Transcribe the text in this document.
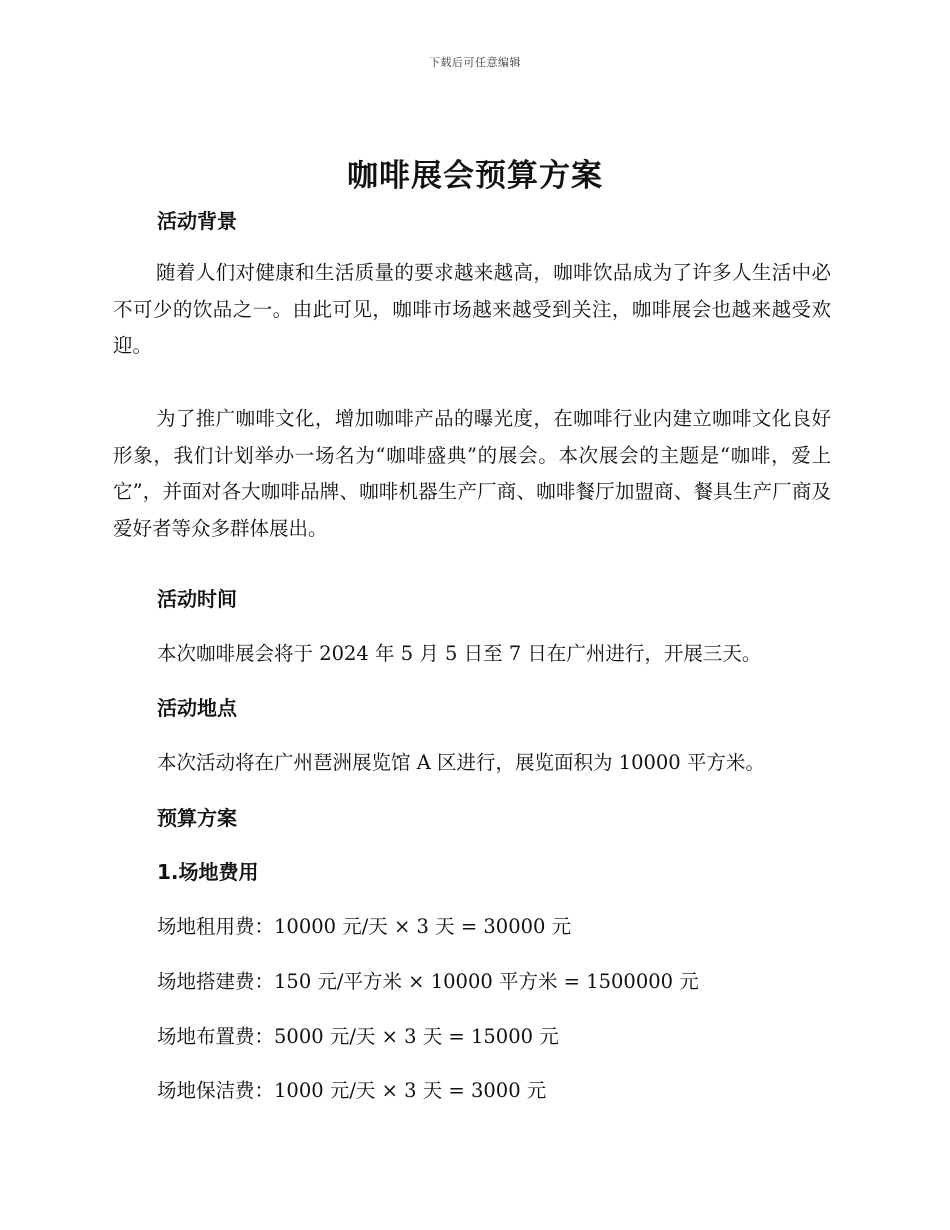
下载后可任意编辑
咖啡展会预算方案
活动背景
随着人们对健康和生活质量的要求越来越高，咖啡饮品成为了许多人生活中必不可少的饮品之一。由此可见，咖啡市场越来越受到关注，咖啡展会也越来越受欢迎。
为了推广咖啡文化，增加咖啡产品的曝光度，在咖啡行业内建立咖啡文化良好形象，我们计划举办一场名为“咖啡盛典”的展会。本次展会的主题是“咖啡，爱上它”，并面对各大咖啡品牌、咖啡机器生产厂商、咖啡餐厅加盟商、餐具生产厂商及爱好者等众多群体展出。
活动时间
本次咖啡展会将于 2024 年 5 月 5 日至 7 日在广州进行，开展三天。
活动地点
本次活动将在广州琶洲展览馆 A 区进行，展览面积为 10000 平方米。
预算方案
1.场地费用
场地租用费：10000 元/天 × 3 天 = 30000 元
场地搭建费：150 元/平方米 × 10000 平方米 = 1500000 元
场地布置费：5000 元/天 × 3 天 = 15000 元
场地保洁费：1000 元/天 × 3 天 = 3000 元
